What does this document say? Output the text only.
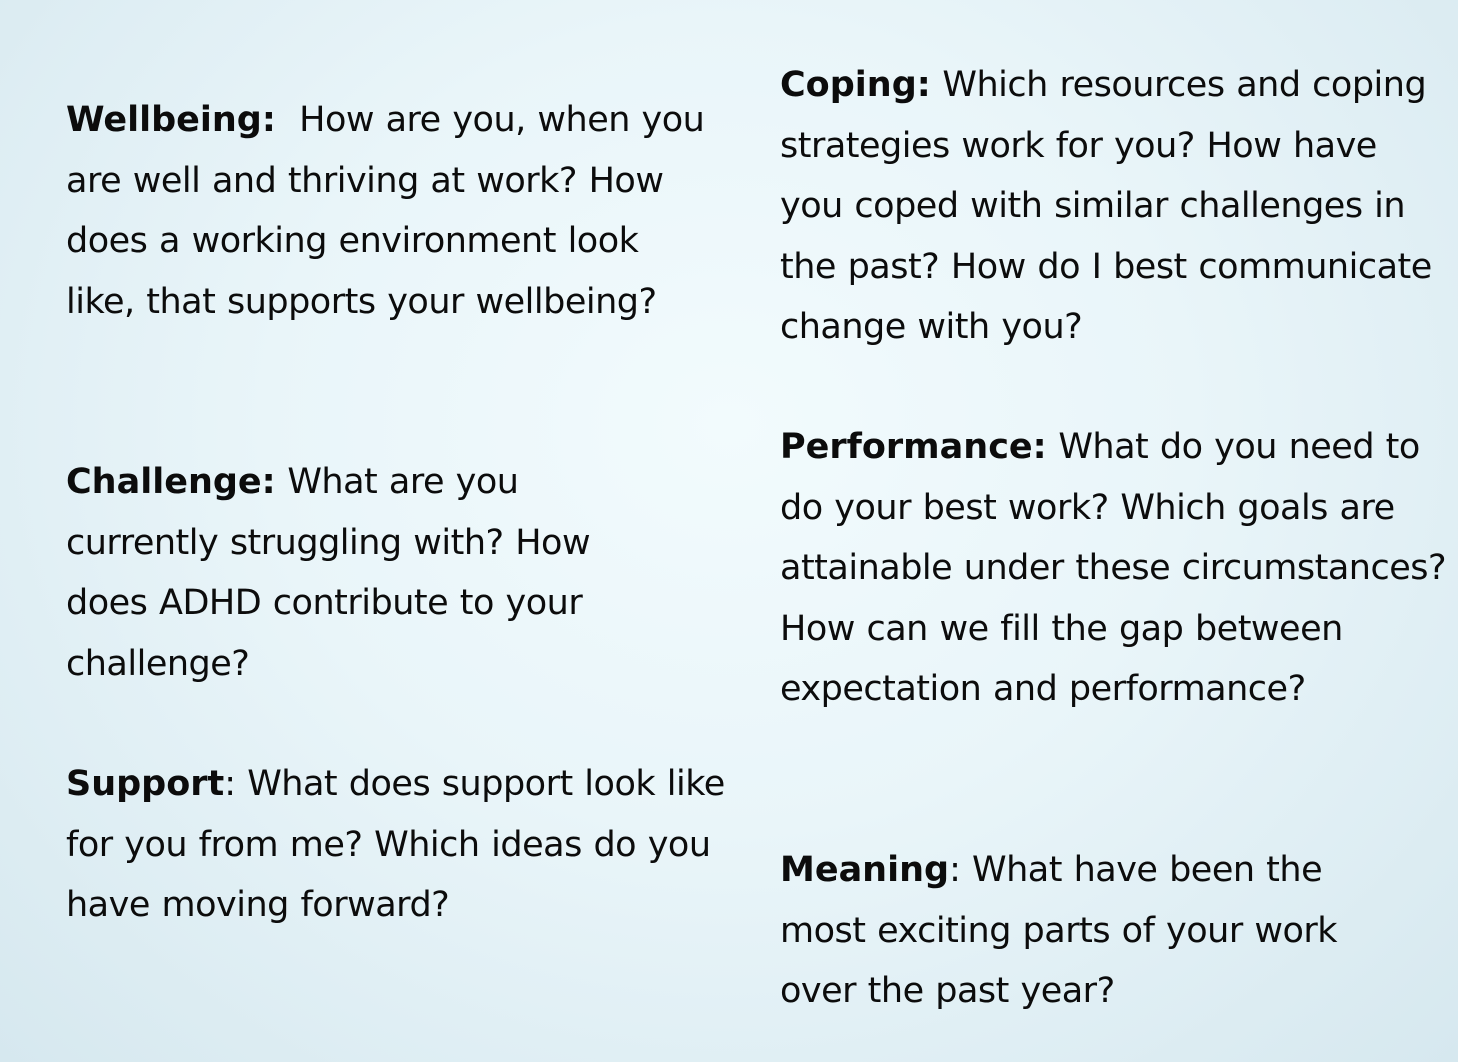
Wellbeing: How are you, when you are well and thriving at work? How does a working environment look like, that supports your wellbeing?
Challenge: What are you currently struggling with? How does ADHD contribute to your challenge?
Support: What does support look like for you from me? Which ideas do you have moving forward?
Coping: Which resources and coping strategies work for you? How have you coped with similar challenges in the past? How do I best communicate change with you?
Performance: What do you need to do your best work? Which goals are attainable under these circumstances? How can we fill the gap between expectation and performance?
Meaning: What have been the most exciting parts of your work over the past year?
